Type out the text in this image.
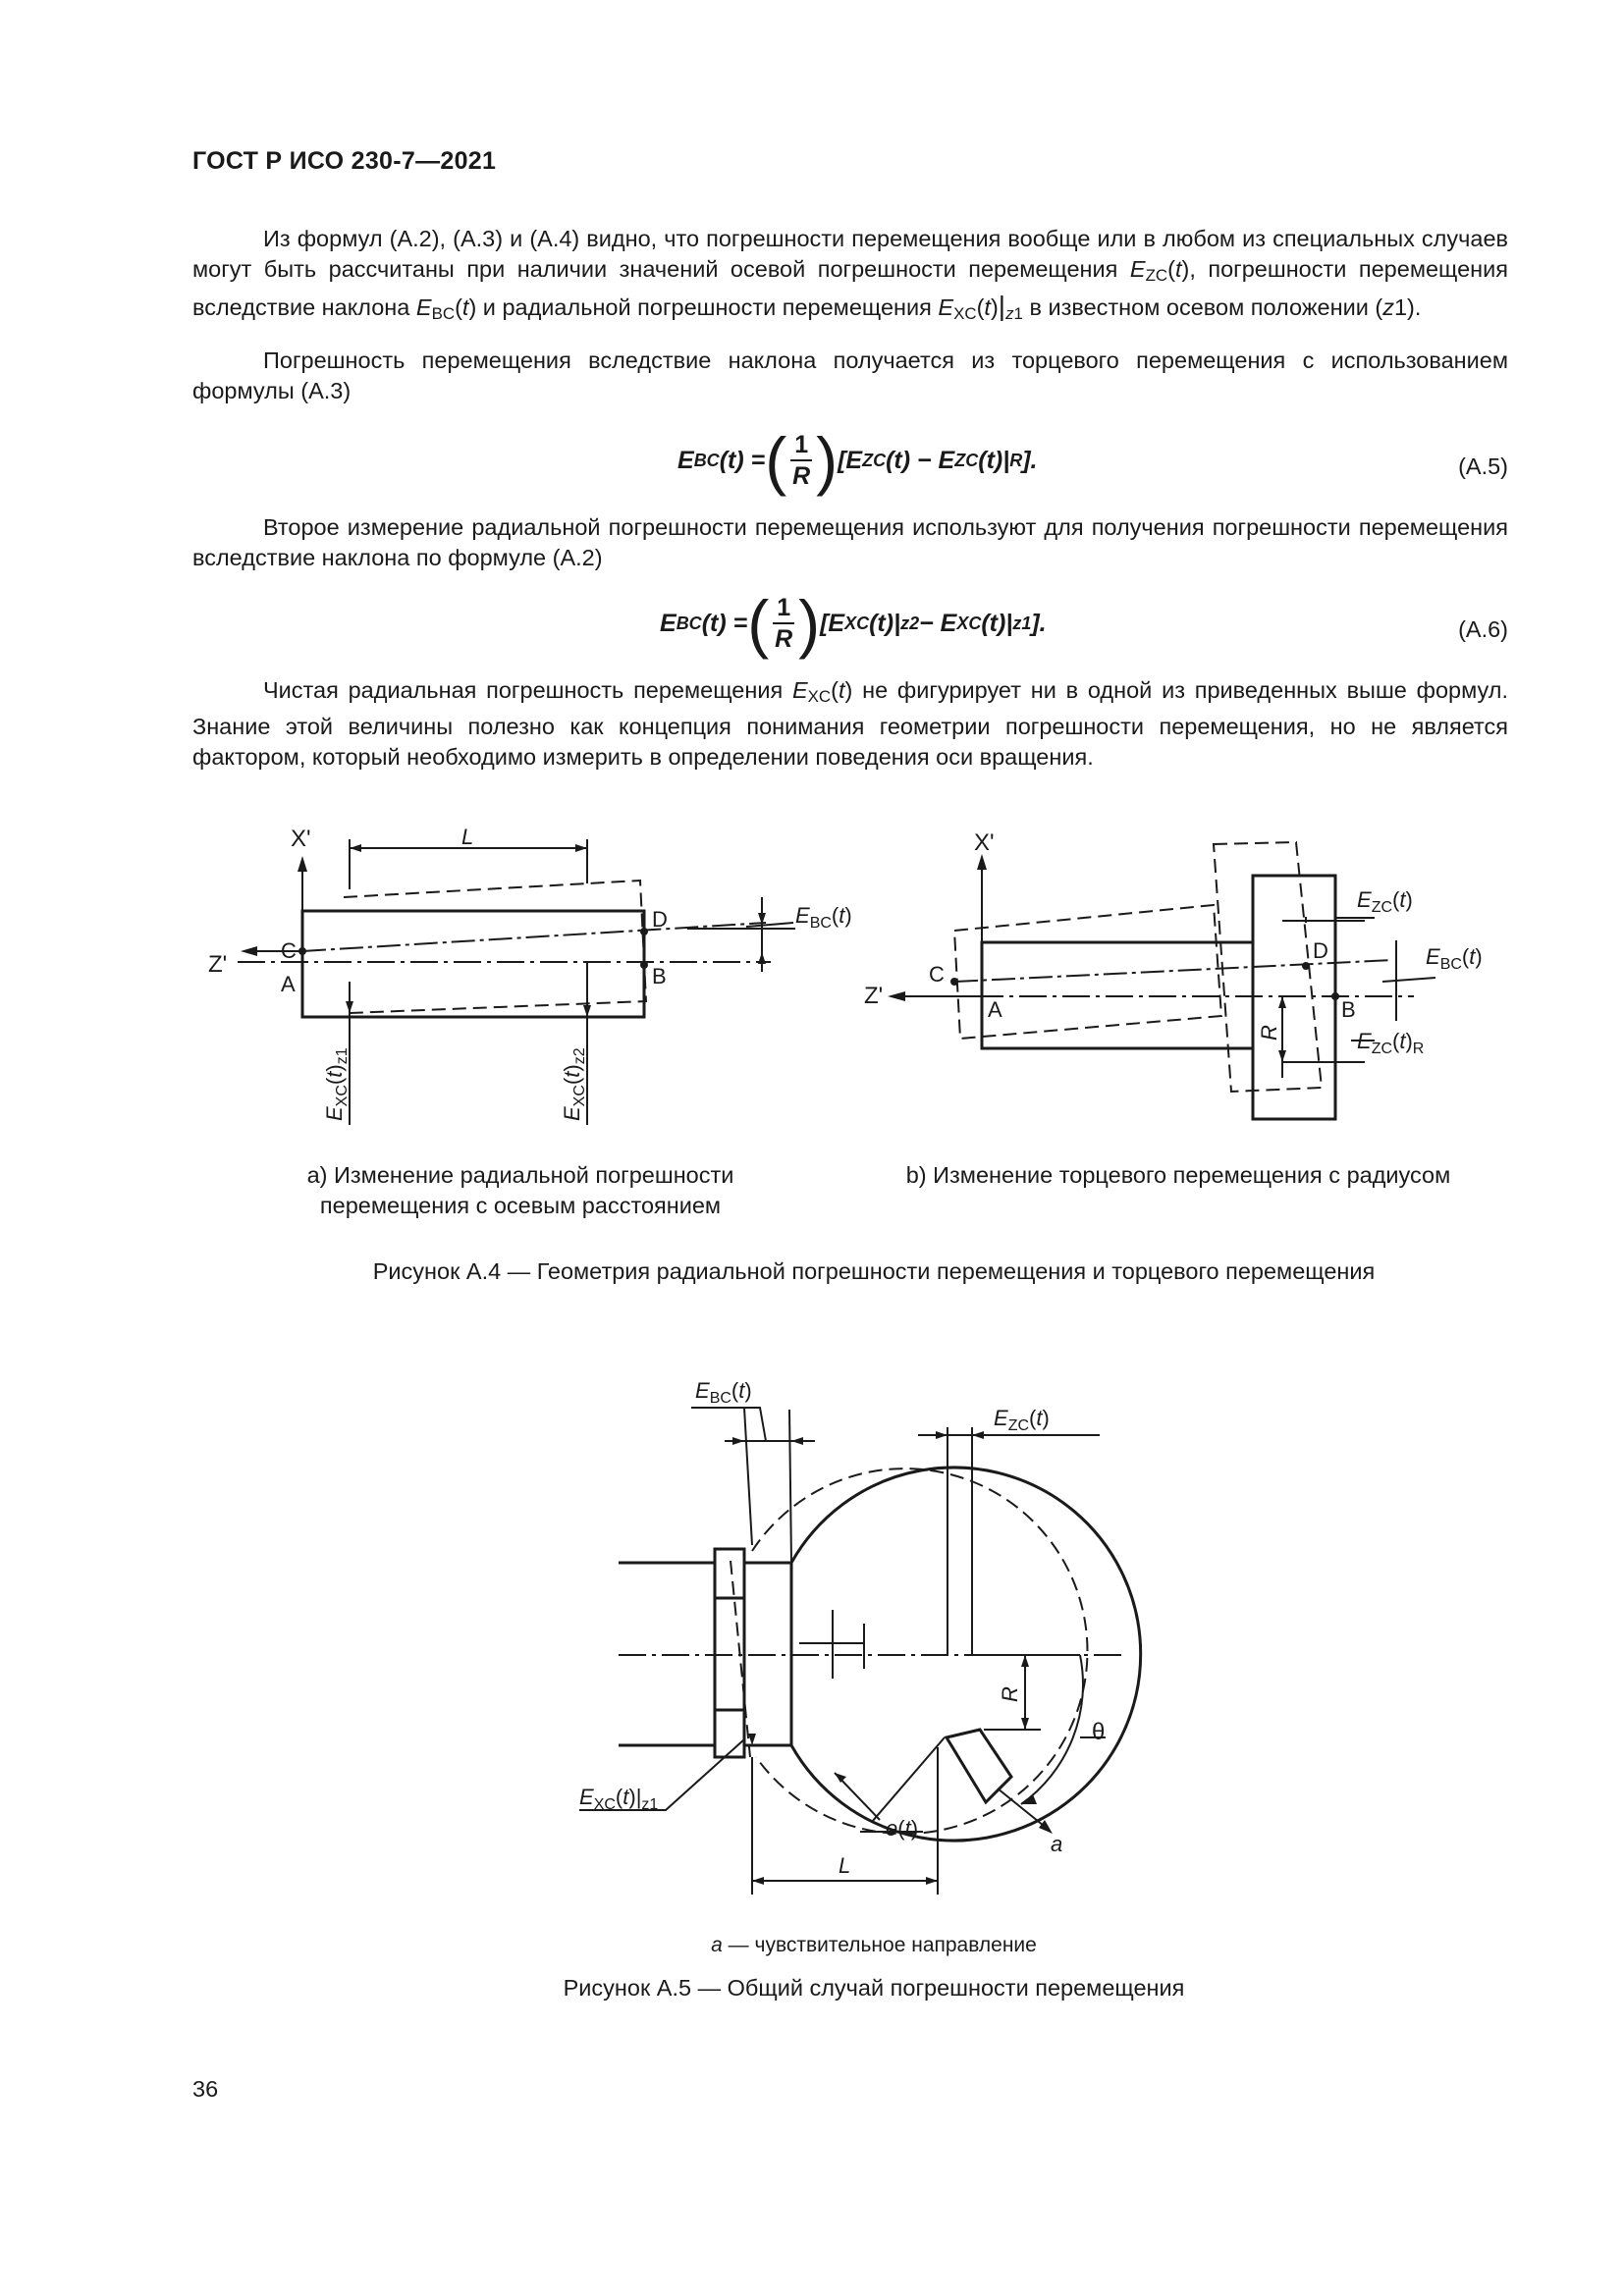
ГОСТ Р ИСО 230-7—2021

Из формул (А.2), (А.3) и (А.4) видно, что погрешности перемещения вообще или в любом из специальных случаев могут быть рассчитаны при наличии значений осевой погрешности перемещения $E_{ZC}(t)$, погрешности перемещения вследствие наклона $E_{BC}(t)$ и радиальной погрешности перемещения $E_{XC}(t)|_{z1}$ в известном осевом положении (z1).

Погрешность перемещения вследствие наклона получается из торцевого перемещения с использованием формулы (А.3)

E BC (t) = ( $\frac{1}{R}$ ) [E ZC (t) − E ZC (t)| R ].	(A.5)

Второе измерение радиальной погрешности перемещения используют для получения погрешности перемещения вследствие наклона по формуле (А.2)

E BC (t) = ( $\frac{1}{R}$ ) [E XC (t)| z2 − E XC (t)| z1 ].	(A.6)

Чистая радиальная погрешность перемещения $E_{XC}(t)$ не фигурирует ни в одной из приведенных выше формул. Знание этой величины полезно как концепция понимания геометрии погрешности перемещения, но не является фактором, который необходимо измерить в определении поведения оси вращения.

X'
Z'
L
C
A
D
B
$E_{BC}(t)$
$E_{XC}(t)_{z1}$
$E_{XC}(t)_{z2}$
X'
Z'
C
A
D
B
R
$E_{ZC}(t)$
$E_{BC}(t)$
$E_{ZC}(t)_R$
a) Изменение радиальной погрешности
перемещения с осевым расстоянием
b) Изменение торцевого перемещения с радиусом
Рисунок А.4 — Геометрия радиальной погрешности перемещения и торцевого перемещения
$E_{BC}(t)$
$E_{ZC}(t)$
R
θ
a
e(t)
L
$E_{XC}(t)|_{z1}$
a — чувствительное направление
Рисунок А.5 — Общий случай погрешности перемещения
36
